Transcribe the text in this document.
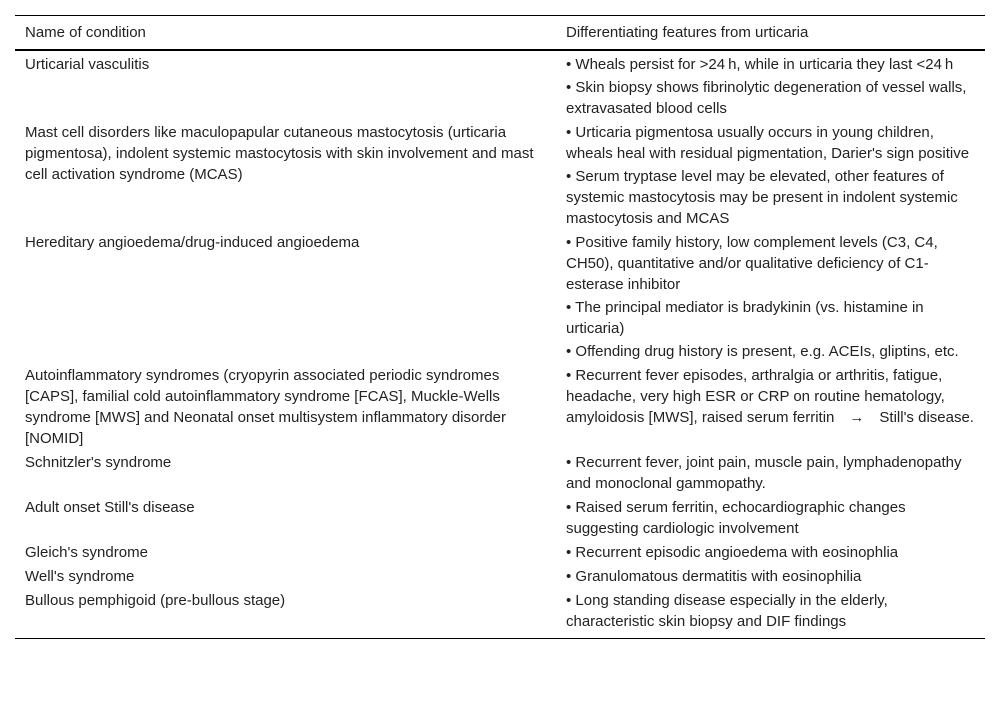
Name of condition	Differentiating features from urticaria
Urticarial vasculitis	• Wheals persist for >24 h, while in urticaria they last <24 h
• Skin biopsy shows fibrinolytic degeneration of vessel walls, extravasated blood cells

Mast cell disorders like maculopapular cutaneous mastocytosis (urticaria pigmentosa), indolent systemic mastocytosis with skin involvement and mast cell activation syndrome (MCAS)	• Urticaria pigmentosa usually occurs in young children, wheals heal with residual pigmentation, Darier's sign positive
• Serum tryptase level may be elevated, other features of systemic mastocytosis may be present in indolent systemic mastocytosis and MCAS

Hereditary angioedema/drug-induced angioedema	• Positive family history, low complement levels (C3, C4, CH50), quantitative and/or qualitative deficiency of C1-esterase inhibitor
• The principal mediator is bradykinin (vs. histamine in urticaria)
• Offending drug history is present, e.g. ACEIs, gliptins, etc.

Autoinflammatory syndromes (cryopyrin associated periodic syndromes [CAPS], familial cold autoinflammatory syndrome [FCAS], Muckle-Wells syndrome [MWS] and Neonatal onset multisystem inflammatory disorder [NOMID]	• Recurrent fever episodes, arthralgia or arthritis, fatigue, headache, very high ESR or CRP on routine hematology, amyloidosis [MWS], raised serum ferritin → Still's disease.

Schnitzler's syndrome	• Recurrent fever, joint pain, muscle pain, lymphadenopathy and monoclonal gammopathy.

Adult onset Still's disease	• Raised serum ferritin, echocardiographic changes suggesting cardiologic involvement

Gleich's syndrome	• Recurrent episodic angioedema with eosinophlia

Well's syndrome	• Granulomatous dermatitis with eosinophilia

Bullous pemphigoid (pre-bullous stage)	• Long standing disease especially in the elderly, characteristic skin biopsy and DIF findings
